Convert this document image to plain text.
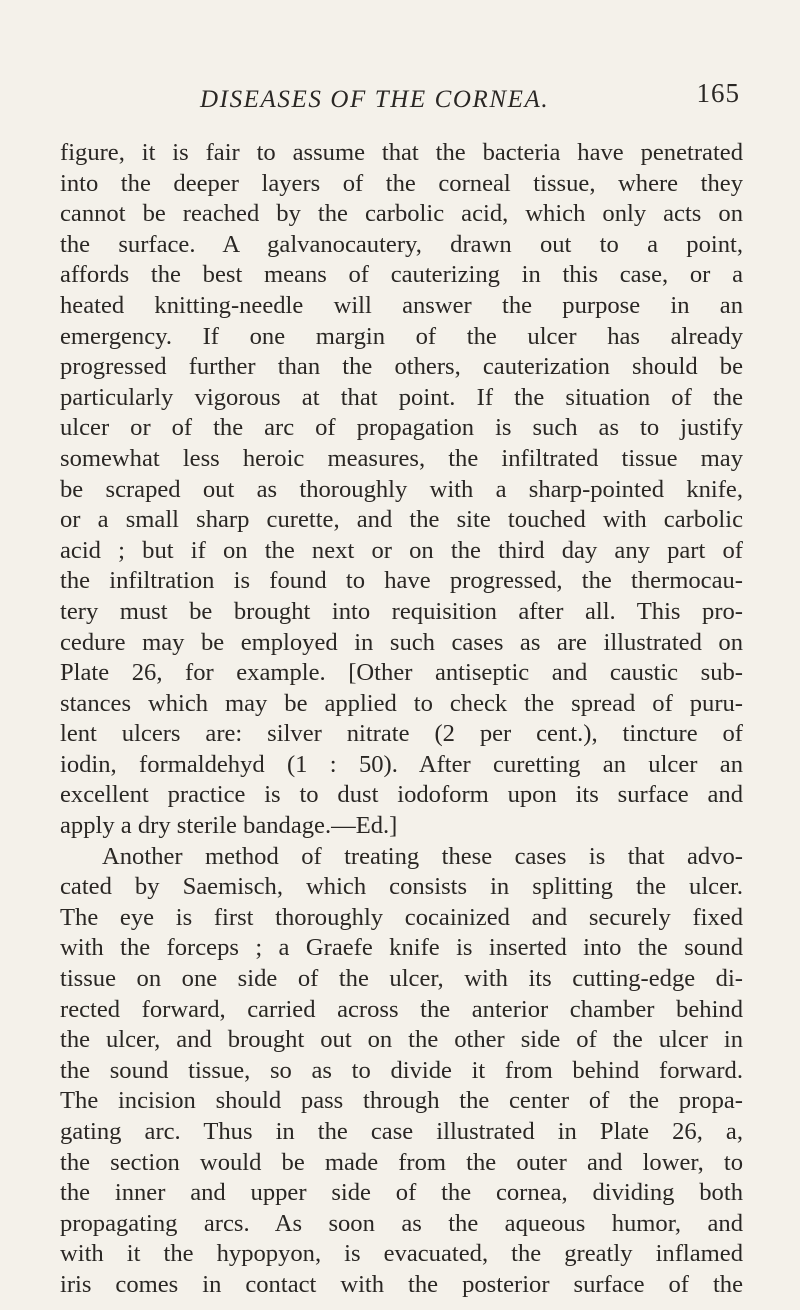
DISEASES OF THE CORNEA.	165
figure, it is fair to assume that the bacteria have penetrated
into the deeper layers of the corneal tissue, where they
cannot be reached by the carbolic acid, which only acts on
the surface. A galvanocautery, drawn out to a point,
affords the best means of cauterizing in this case, or a
heated knitting-needle will answer the purpose in an
emergency. If one margin of the ulcer has already
progressed further than the others, cauterization should be
particularly vigorous at that point. If the situation of the
ulcer or of the arc of propagation is such as to justify
somewhat less heroic measures, the infiltrated tissue may
be scraped out as thoroughly with a sharp-pointed knife,
or a small sharp curette, and the site touched with carbolic
acid ; but if on the next or on the third day any part of
the infiltration is found to have progressed, the thermocau-
tery must be brought into requisition after all. This pro-
cedure may be employed in such cases as are illustrated on
Plate 26, for example. [Other antiseptic and caustic sub-
stances which may be applied to check the spread of puru-
lent ulcers are: silver nitrate (2 per cent.), tincture of
iodin, formaldehyd (1 : 50). After curetting an ulcer an
excellent practice is to dust iodoform upon its surface and
apply a dry sterile bandage.—Ed.]
Another method of treating these cases is that advo-
cated by Saemisch, which consists in splitting the ulcer.
The eye is first thoroughly cocainized and securely fixed
with the forceps ; a Graefe knife is inserted into the sound
tissue on one side of the ulcer, with its cutting-edge di-
rected forward, carried across the anterior chamber behind
the ulcer, and brought out on the other side of the ulcer in
the sound tissue, so as to divide it from behind forward.
The incision should pass through the center of the propa-
gating arc. Thus in the case illustrated in Plate 26, a,
the section would be made from the outer and lower, to
the inner and upper side of the cornea, dividing both
propagating arcs. As soon as the aqueous humor, and
with it the hypopyon, is evacuated, the greatly inflamed
iris comes in contact with the posterior surface of the
